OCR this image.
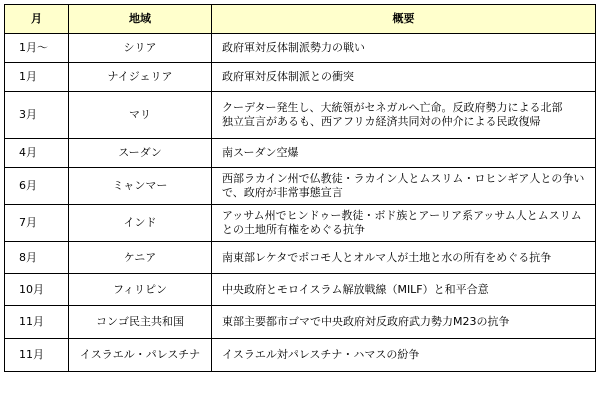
月	地域	概要
1月～	シリア	政府軍対反体制派勢力の戦い

1月	ナイジェリア	政府軍対反体制派との衝突

3月	マリ	クーデター発生し、大統領がセネガルへ亡命。反政府勢力による北部
独立宣言があるも、西アフリカ経済共同対の仲介による民政復帰

4月	スーダン	南スーダン空爆

6月	ミャンマー	西部ラカイン州で仏教徒・ラカイン人とムスリム・ロヒンギア人との争い
で、政府が非常事態宣言

7月	インド	アッサム州でヒンドゥー教徒・ボド族とアーリア系アッサム人とムスリム
との土地所有権をめぐる抗争

8月	ケニア	南東部レケタでポコモ人とオルマ人が土地と水の所有をめぐる抗争

10月	フィリピン	中央政府とモロイスラム解放戦線（MILF）と和平合意

11月	コンゴ民主共和国	東部主要都市ゴマで中央政府対反政府武力勢力M23の抗争

11月	イスラエル・パレスチナ	イスラエル対パレスチナ・ハマスの紛争
